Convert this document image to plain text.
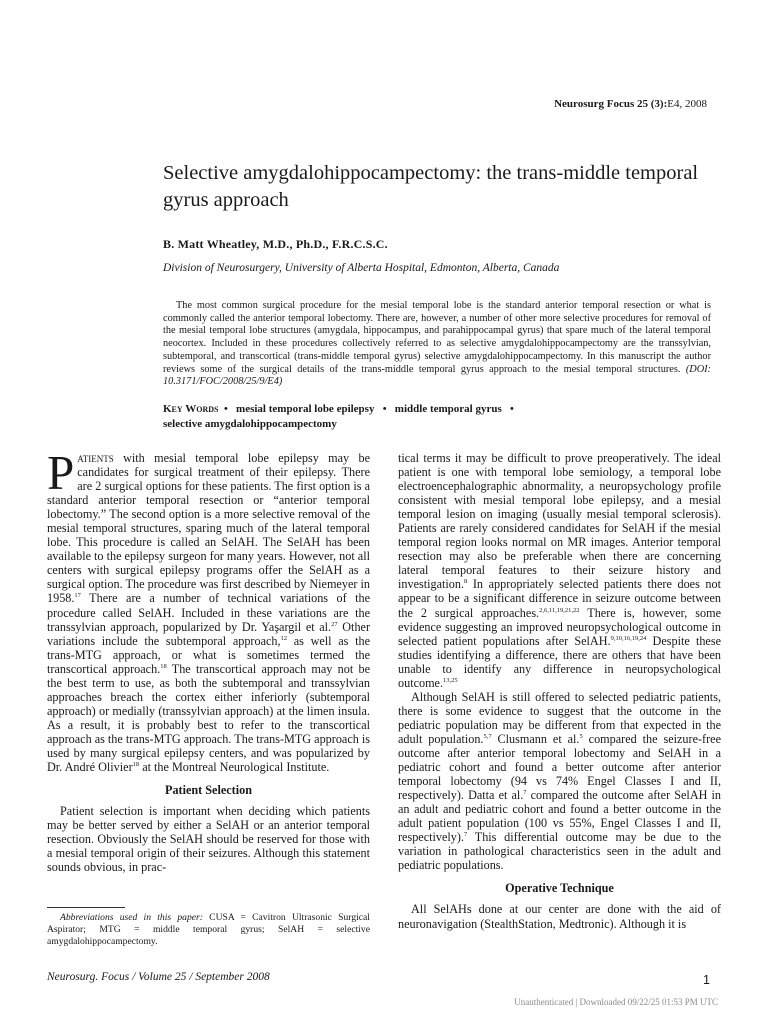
Neurosurg Focus 25 (3):E4, 2008
Selective amygdalohippocampectomy: the trans-middle temporal gyrus approach
B. Matt Wheatley, M.D., Ph.D., F.R.C.S.C.
Division of Neurosurgery, University of Alberta Hospital, Edmonton, Alberta, Canada

The most common surgical procedure for the mesial temporal lobe is the standard anterior temporal resection or what is commonly called the anterior temporal lobectomy. There are, however, a number of other more selective procedures for removal of the mesial temporal lobe structures (amygdala, hippocampus, and parahippocampal gyrus) that spare much of the lateral temporal neocortex. Included in these procedures collectively referred to as selective amygdalohippocampectomy are the transsylvian, subtemporal, and transcortical (trans-middle temporal gyrus) selective amygdalohippocampectomy. In this manuscript the author reviews some of the surgical details of the trans-middle temporal gyrus approach to the mesial temporal structures. (DOI: 10.3171/FOC/2008/25/9/E4)

Key Words •   mesial temporal lobe epilepsy   •   middle temporal gyrus   •
selective amygdalohippocampectomy

Patients with mesial temporal lobe epilepsy may be candidates for surgical treatment of their epilepsy. There are 2 surgical options for these patients. The first option is a standard anterior temporal resection or “anterior temporal lobectomy.” The second option is a more selective removal of the mesial temporal structures, sparing much of the lateral temporal lobe. This procedure is called an SelAH. The SelAH has been available to the epilepsy surgeon for many years. However, not all centers with surgical epilepsy programs offer the SelAH as a surgical option. The procedure was first described by Niemeyer in 1958.17 There are a number of technical variations of the procedure called SelAH. Included in these variations are the transsylvian approach, popularized by Dr. Yaşargil et al.$^{27}$ Other variations include the subtemporal approach,$^{12}$ as well as the trans-MTG approach, or what is sometimes termed the transcortical approach.$^{18}$ The transcortical approach may not be the best term to use, as both the subtemporal and transsylvian approaches breach the cortex either inferiorly (subtemporal approach) or medially (transsylvian approach) at the limen insula. As a result, it is probably best to refer to the transcortical approach as the trans-MTG approach. The trans-MTG approach is used by many surgical epilepsy centers, and was popularized by Dr. André Olivier$^{18}$ at the Montreal Neurological Institute.

Patient Selection

Patient selection is important when deciding which patients may be better served by either a SelAH or an anterior temporal resection. Obviously the SelAH should be reserved for those with a mesial temporal origin of their seizures. Although this statement sounds obvious, in prac-

tical terms it may be difficult to prove preoperatively. The ideal patient is one with temporal lobe semiology, a temporal lobe electroencephalographic abnormality, a neuropsychology profile consistent with mesial temporal lobe epilepsy, and a mesial temporal lesion on imaging (usually mesial temporal sclerosis). Patients are rarely considered candidates for SelAH if the mesial temporal region looks normal on MR images. Anterior temporal resection may also be preferable when there are concerning lateral temporal features to their seizure history and investigation.$^8$ In appropriately selected patients there does not appear to be a significant difference in seizure outcome between the 2 surgical approaches.$^{2,6,11,19,21,22}$ There is, however, some evidence suggesting an improved neuropsychological outcome in selected patient populations after SelAH.$^{9,10,16,19,24}$ Despite these studies identifying a difference, there are others that have been unable to identify any difference in neuropsychological outcome.$^{13,25}$

Although SelAH is still offered to selected pediatric patients, there is some evidence to suggest that the outcome in the pediatric population may be different from that expected in the adult population.$^{5,7}$ Clusmann et al.$^5$ compared the seizure-free outcome after anterior temporal lobectomy and SelAH in a pediatric cohort and found a better outcome after anterior temporal lobectomy (94 vs 74% Engel Classes I and II, respectively). Datta et al.$^7$ compared the outcome after SelAH in an adult and pediatric cohort and found a better outcome in the adult patient population (100 vs 55%, Engel Classes I and II, respectively).$^7$ This differential outcome may be due to the variation in pathological characteristics seen in the adult and pediatric populations.

Operative Technique

All SelAHs done at our center are done with the aid of neuronavigation (StealthStation, Medtronic). Although it is

Abbreviations used in this paper: CUSA = Cavitron Ultrasonic Surgical Aspirator; MTG = middle temporal gyrus; SelAH = selective amygdalohippocampectomy.
Neurosurg. Focus / Volume 25 / September 2008	1
Unauthenticated | Downloaded 09/22/25 01:53 PM UTC
